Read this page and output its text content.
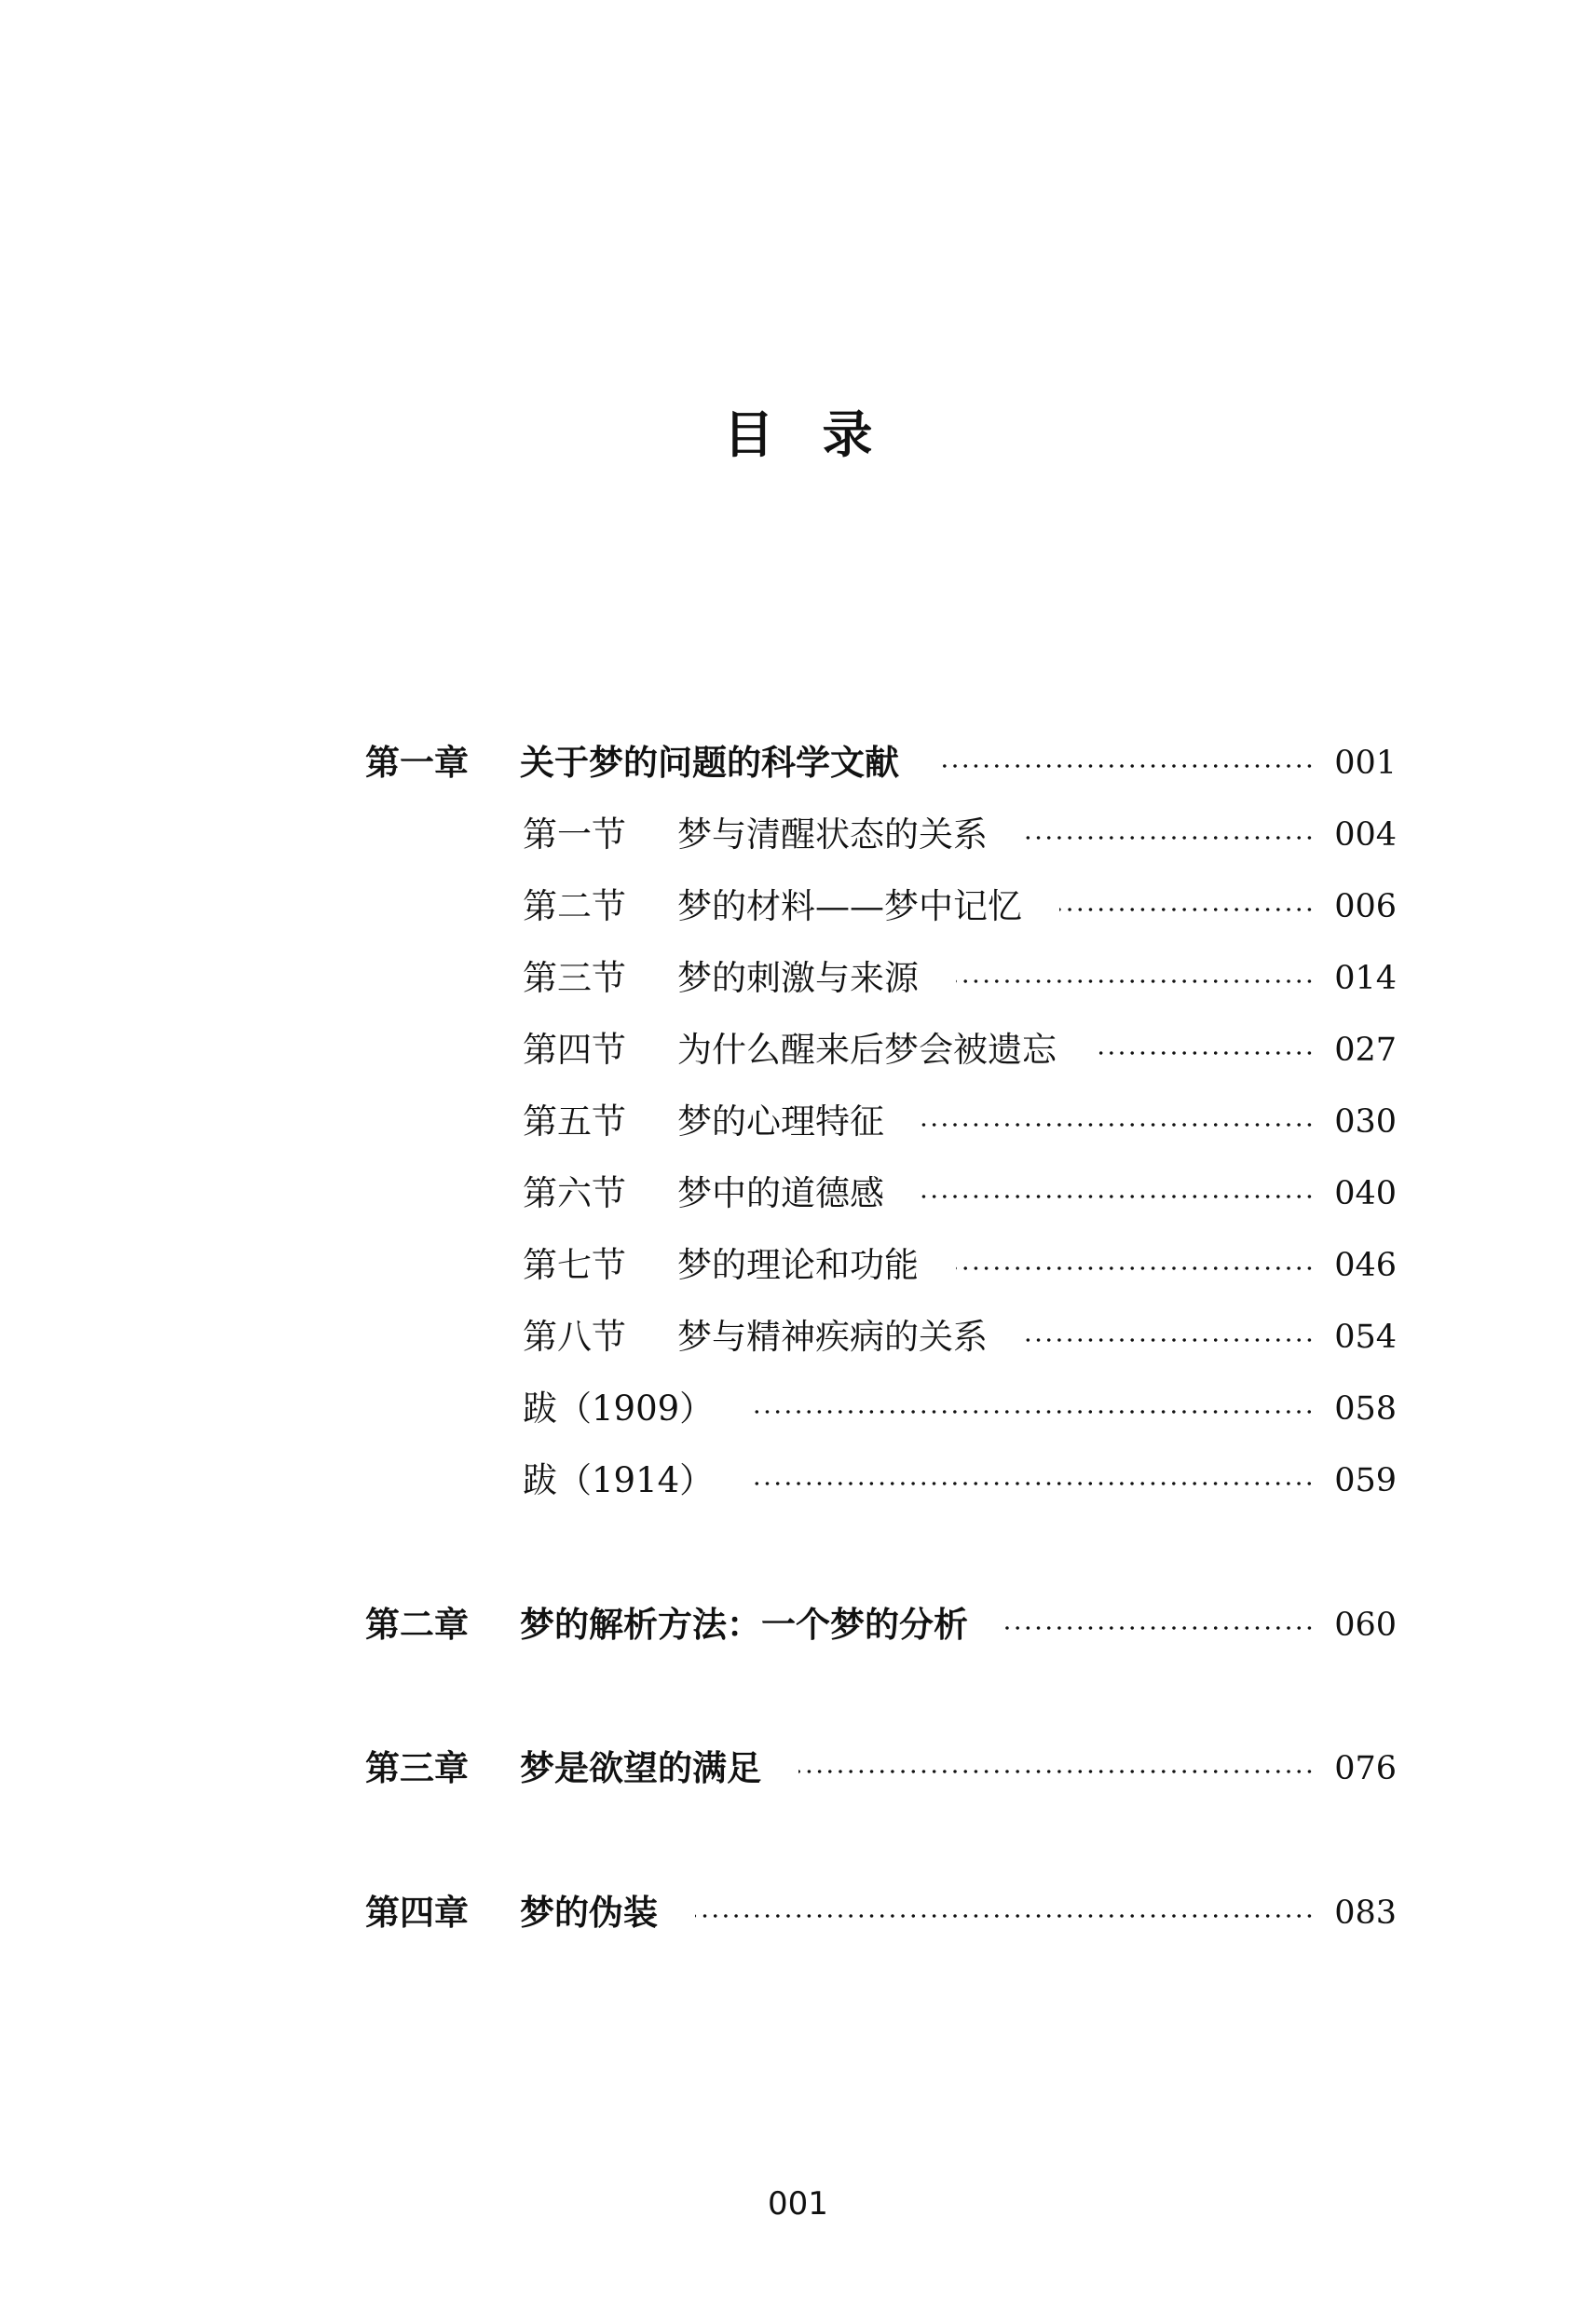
目录
第一章	关于梦的问题的科学文献	001
第一节	梦与清醒状态的关系	004
第二节	梦的材料——梦中记忆	006
第三节	梦的刺激与来源	014
第四节	为什么醒来后梦会被遗忘	027
第五节	梦的心理特征	030
第六节	梦中的道德感	040
第七节	梦的理论和功能	046
第八节	梦与精神疾病的关系	054
跋（1909）	058
跋（1914）	059
第二章	梦的解析方法：一个梦的分析	060
第三章	梦是欲望的满足	076
第四章	梦的伪装	083
001
